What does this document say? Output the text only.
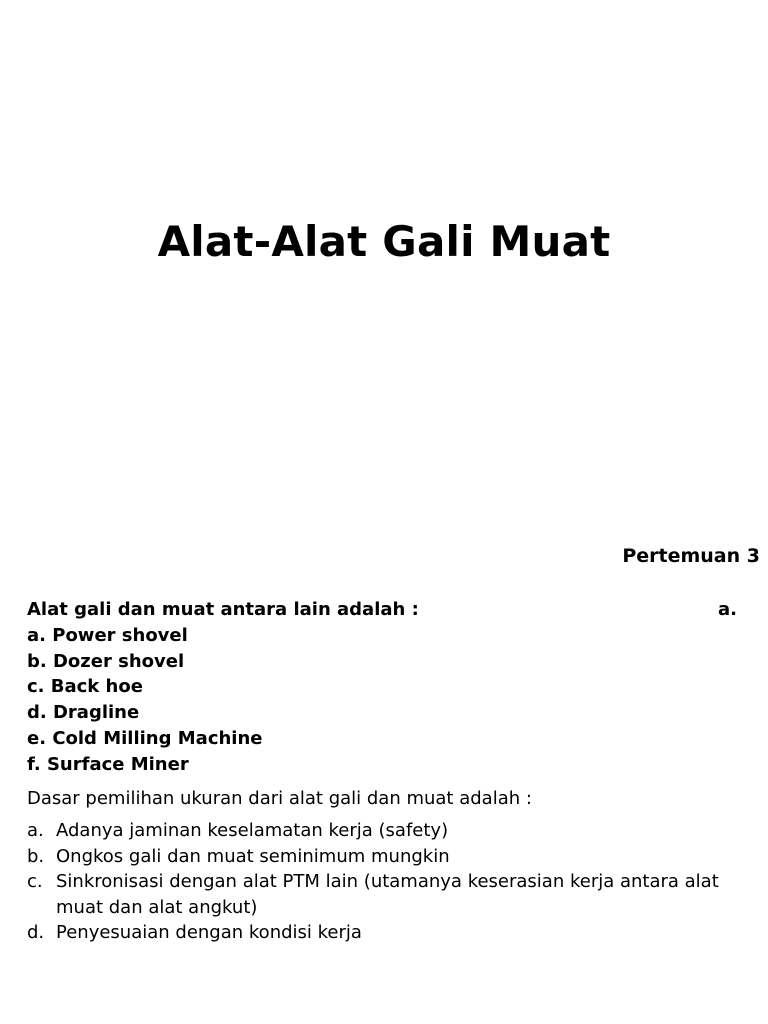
Alat-Alat Gali Muat
Pertemuan 3
Alat gali dan muat antara lain adalah :	a.
a. Power shovel
b. Dozer shovel
c. Back hoe
d. Dragline
e. Cold Milling Machine
f. Surface Miner
Dasar pemilihan ukuran dari alat gali dan muat adalah :
a. Adanya jaminan keselamatan kerja (safety)
b. Ongkos gali dan muat seminimum mungkin
c. Sinkronisasi dengan alat PTM lain (utamanya keserasian kerja antara alat muat dan alat angkut)
d. Penyesuaian dengan kondisi kerja
